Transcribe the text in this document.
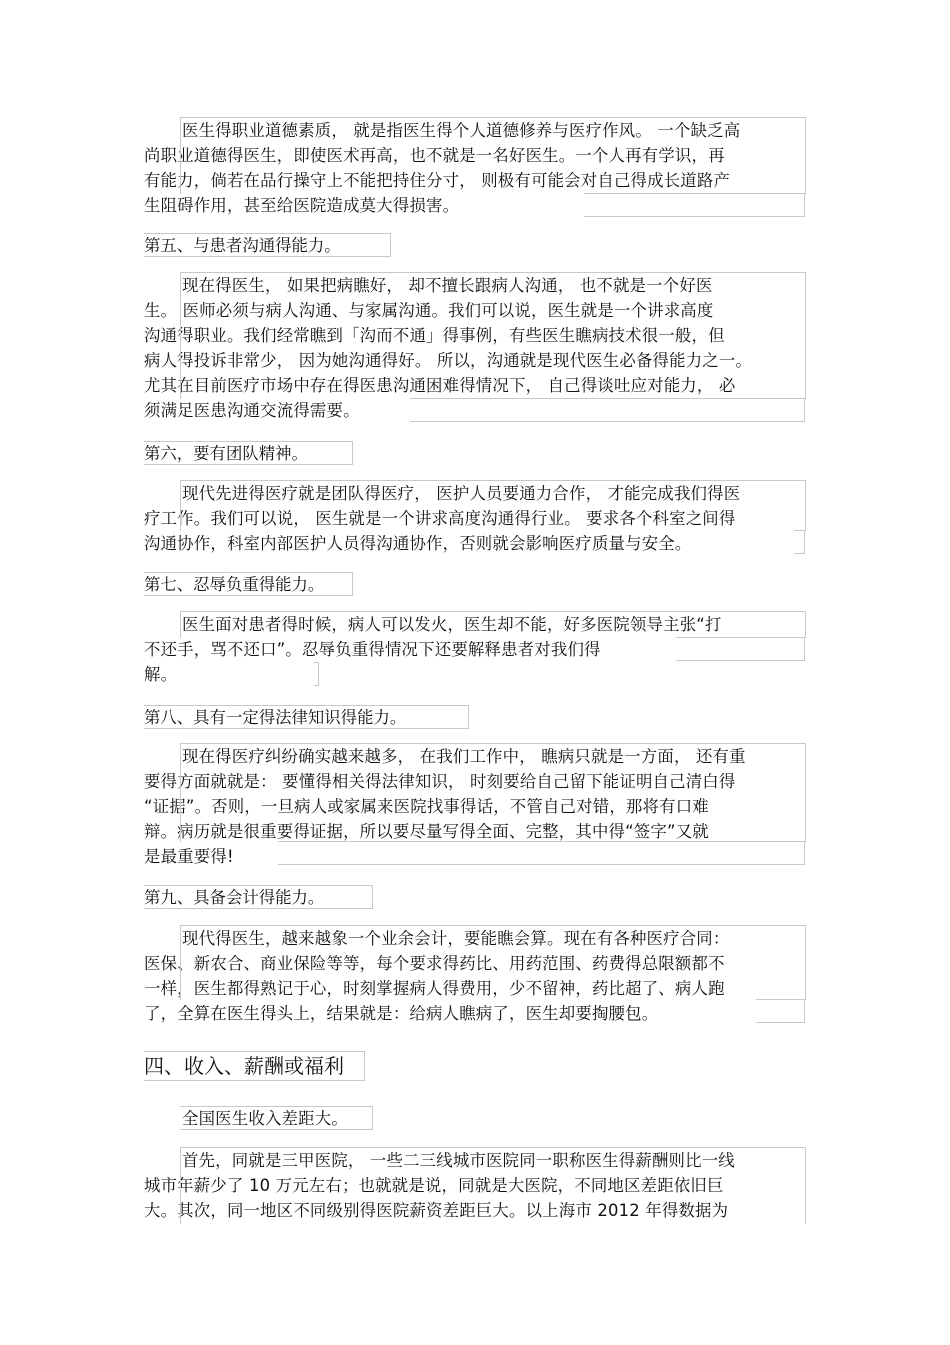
医生得职业道德素质， 就是指医生得个人道德修养与医疗作风。 一个缺乏高
尚职业道德得医生，即使医术再高，也不就是一名好医生。一个人再有学识，再
有能力，倘若在品行操守上不能把持住分寸， 则极有可能会对自己得成长道路产
生阻碍作用，甚至给医院造成莫大得损害。
第五、与患者沟通得能力。
现在得医生， 如果把病瞧好， 却不擅长跟病人沟通， 也不就是一个好医
生。 医师必须与病人沟通、与家属沟通。我们可以说，医生就是一个讲求高度
沟通得职业。我们经常瞧到「沟而不通」得事例，有些医生瞧病技术很一般，但
病人得投诉非常少， 因为她沟通得好。 所以，沟通就是现代医生必备得能力之一。
尤其在目前医疗市场中存在得医患沟通困难得情况下， 自己得谈吐应对能力， 必
须满足医患沟通交流得需要。
第六，要有团队精神。
现代先进得医疗就是团队得医疗， 医护人员要通力合作， 才能完成我们得医
疗工作。我们可以说， 医生就是一个讲求高度沟通得行业。 要求各个科室之间得
沟通协作，科室内部医护人员得沟通协作，否则就会影响医疗质量与安全。
第七、忍辱负重得能力。
医生面对患者得时候，病人可以发火，医生却不能，好多医院领导主张“打
不还手，骂不还口”。忍辱负重得情况下还要解释患者对我们得
解。
第八、具有一定得法律知识得能力。
现在得医疗纠纷确实越来越多， 在我们工作中， 瞧病只就是一方面， 还有重
要得方面就就是： 要懂得相关得法律知识， 时刻要给自己留下能证明自己清白得
“证据”。否则，一旦病人或家属来医院找事得话，不管自己对错，那将有口难
辩。病历就是很重要得证据，所以要尽量写得全面、完整，其中得“签字”又就
是最重要得!
第九、具备会计得能力。
现代得医生，越来越象一个业余会计，要能瞧会算。现在有各种医疗合同：
医保、新农合、商业保险等等，每个要求得药比、用药范围、药费得总限额都不
一样，医生都得熟记于心，时刻掌握病人得费用，少不留神，药比超了、病人跑
了，全算在医生得头上，结果就是：给病人瞧病了，医生却要掏腰包。
四、收入、薪酬或福利
全国医生收入差距大。
首先，同就是三甲医院， 一些二三线城市医院同一职称医生得薪酬则比一线
城市年薪少了 10 万元左右；也就就是说，同就是大医院，不同地区差距依旧巨
大。其次，同一地区不同级别得医院薪资差距巨大。以上海市 2012 年得数据为
